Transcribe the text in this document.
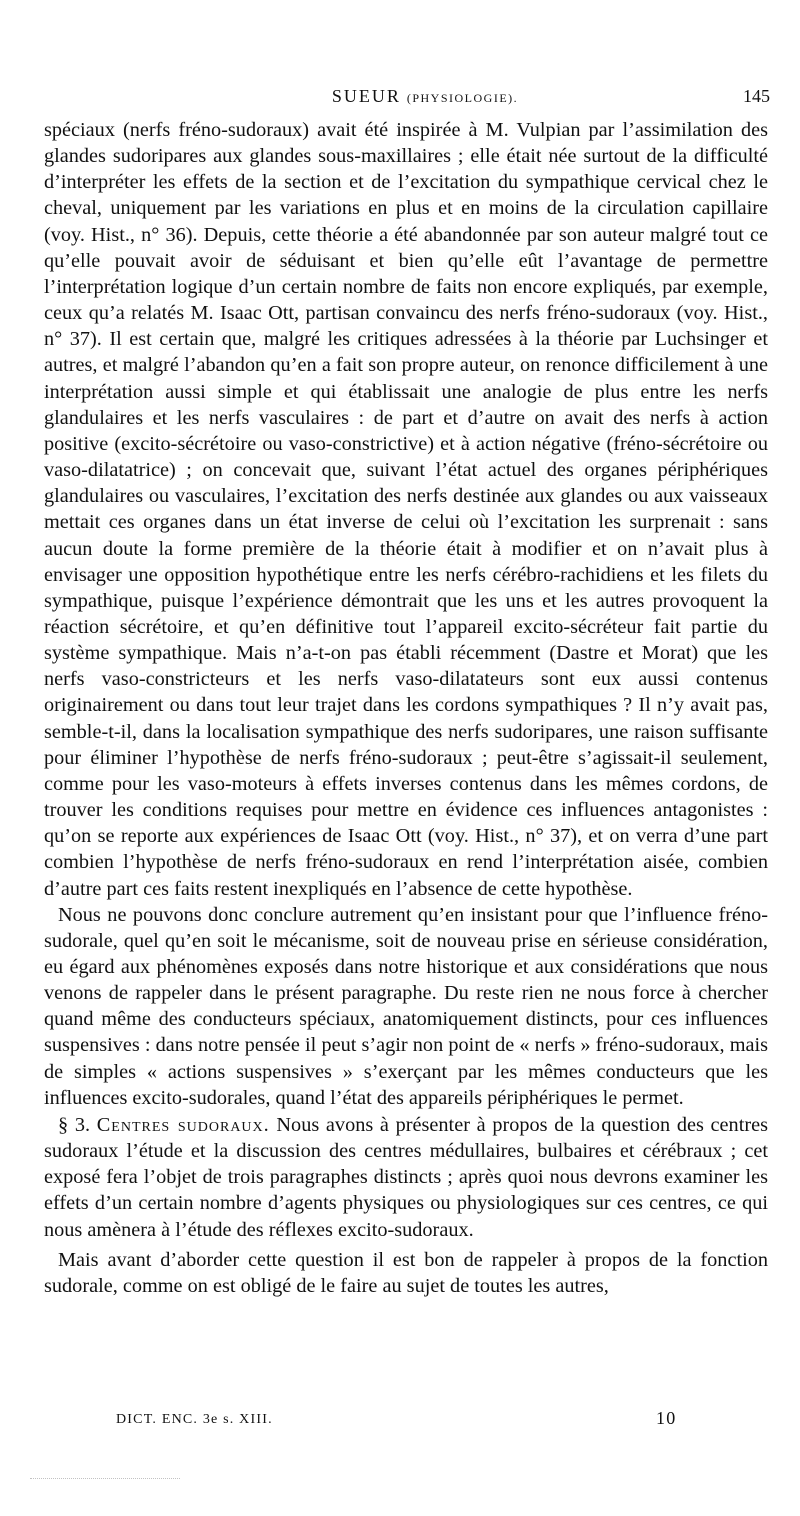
SUEUR (PHYSIOLOGIE).	145

spéciaux (nerfs fréno-sudoraux) avait été inspirée à M. Vulpian par l’assimilation des glandes sudoripares aux glandes sous-maxillaires ; elle était née surtout de la difficulté d’interpréter les effets de la section et de l’excitation du sympathique cervical chez le cheval, uniquement par les variations en plus et en moins de la circulation capillaire (voy. Hist., n° 36). Depuis, cette théorie a été abandonnée par son auteur malgré tout ce qu’elle pouvait avoir de séduisant et bien qu’elle eût l’avantage de permettre l’interprétation logique d’un certain nombre de faits non encore expliqués, par exemple, ceux qu’a relatés M. Isaac Ott, partisan convaincu des nerfs fréno-sudoraux (voy. Hist., n° 37). Il est certain que, malgré les critiques adressées à la théorie par Luchsinger et autres, et malgré l’abandon qu’en a fait son propre auteur, on renonce difficilement à une interprétation aussi simple et qui établissait une analogie de plus entre les nerfs glandulaires et les nerfs vasculaires : de part et d’autre on avait des nerfs à action positive (excito-sécrétoire ou vaso-constrictive) et à action négative (fréno-sécrétoire ou vaso-dilatatrice) ; on concevait que, suivant l’état actuel des organes périphériques glandulaires ou vasculaires, l’excitation des nerfs destinée aux glandes ou aux vaisseaux mettait ces organes dans un état inverse de celui où l’excitation les surprenait : sans aucun doute la forme première de la théorie était à modifier et on n’avait plus à envisager une opposition hypothétique entre les nerfs cérébro-rachidiens et les filets du sympathique, puisque l’expérience démontrait que les uns et les autres provoquent la réaction sécrétoire, et qu’en définitive tout l’appareil excito-sécréteur fait partie du système sympathique. Mais n’a-t-on pas établi récemment (Dastre et Morat) que les nerfs vaso-constricteurs et les nerfs vaso-dilatateurs sont eux aussi contenus originairement ou dans tout leur trajet dans les cordons sympathiques ? Il n’y avait pas, semble-t-il, dans la localisation sympathique des nerfs sudoripares, une raison suffisante pour éliminer l’hypothèse de nerfs fréno-sudoraux ; peut-être s’agissait-il seulement, comme pour les vaso-moteurs à effets inverses contenus dans les mêmes cordons, de trouver les conditions requises pour mettre en évidence ces influences antagonistes : qu’on se reporte aux expériences de Isaac Ott (voy. Hist., n° 37), et on verra d’une part combien l’hypothèse de nerfs fréno-sudoraux en rend l’interprétation aisée, combien d’autre part ces faits restent inexpliqués en l’absence de cette hypothèse.

Nous ne pouvons donc conclure autrement qu’en insistant pour que l’influence fréno-sudorale, quel qu’en soit le mécanisme, soit de nouveau prise en sérieuse considération, eu égard aux phénomènes exposés dans notre historique et aux considérations que nous venons de rappeler dans le présent paragraphe. Du reste rien ne nous force à chercher quand même des conducteurs spéciaux, anatomiquement distincts, pour ces influences suspensives : dans notre pensée il peut s’agir non point de « nerfs » fréno-sudoraux, mais de simples « actions suspensives » s’exerçant par les mêmes conducteurs que les influences excito-sudorales, quand l’état des appareils périphériques le permet.

§ 3. Centres sudoraux. Nous avons à présenter à propos de la question des centres sudoraux l’étude et la discussion des centres médullaires, bulbaires et cérébraux ; cet exposé fera l’objet de trois paragraphes distincts ; après quoi nous devrons examiner les effets d’un certain nombre d’agents physiques ou physiologiques sur ces centres, ce qui nous amènera à l’étude des réflexes excito-sudoraux.

Mais avant d’aborder cette question il est bon de rappeler à propos de la fonction sudorale, comme on est obligé de le faire au sujet de toutes les autres,

DICT. ENC. 3e s. XIII.	10
